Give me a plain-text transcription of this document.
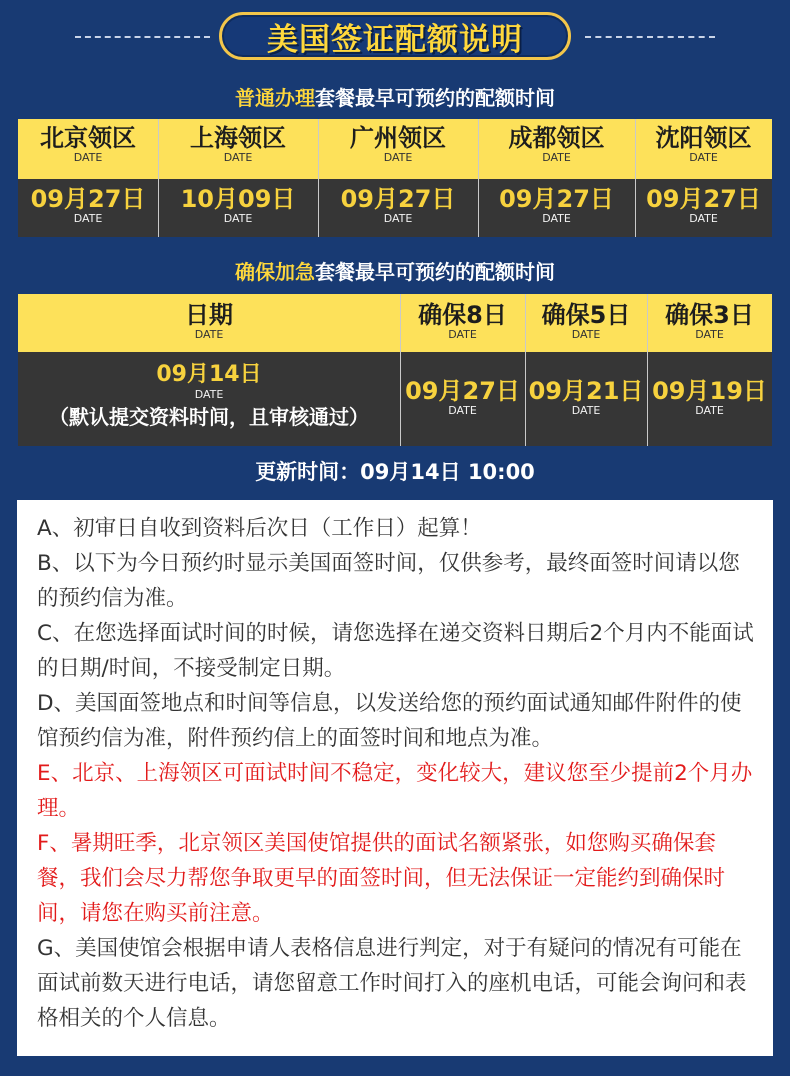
美国签证配额说明
普通办理套餐最早可预约的配额时间
北京领区
DATE
09月27日
DATE
上海领区
DATE
10月09日
DATE
广州领区
DATE
09月27日
DATE
成都领区
DATE
09月27日
DATE
沈阳领区
DATE
09月27日
DATE
确保加急套餐最早可预约的配额时间
日期
DATE
09月14日
DATE
（默认提交资料时间，且审核通过）
确保8日
DATE
09月27日
DATE
确保5日
DATE
09月21日
DATE
确保3日
DATE
09月19日
DATE
更新时间：09月14日 10:00

A、初审日自收到资料后次日（工作日）起算！

B、以下为今日预约时显示美国面签时间，仅供参考，最终面签时间请以您的预约信为准。

C、在您选择面试时间的时候，请您选择在递交资料日期后2个月内不能面试的日期/时间，不接受制定日期。

D、美国面签地点和时间等信息，以发送给您的预约面试通知邮件附件的使馆预约信为准，附件预约信上的面签时间和地点为准。

E、北京、上海领区可面试时间不稳定，变化较大，建议您至少提前2个月办理。

F、暑期旺季，北京领区美国使馆提供的面试名额紧张，如您购买确保套餐，我们会尽力帮您争取更早的面签时间，但无法保证一定能约到确保时间，请您在购买前注意。

G、美国使馆会根据申请人表格信息进行判定，对于有疑问的情况有可能在面试前数天进行电话，请您留意工作时间打入的座机电话，可能会询问和表格相关的个人信息。
